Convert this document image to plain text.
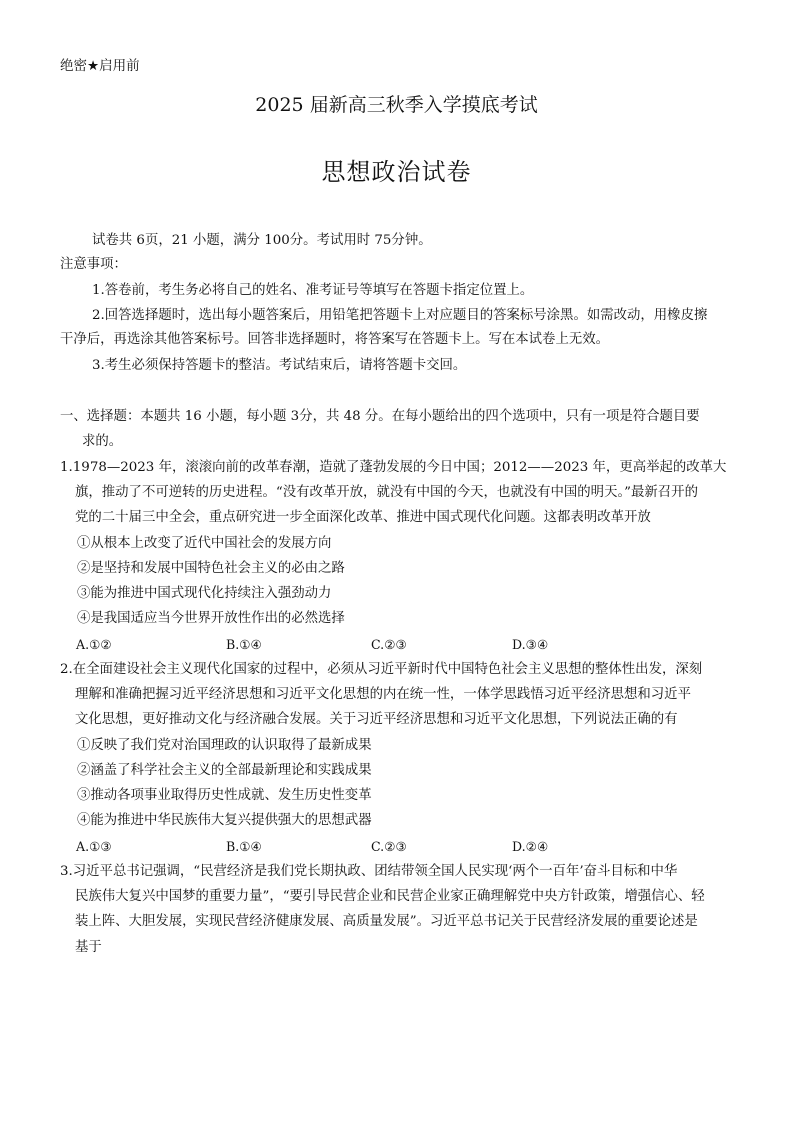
绝密★启用前
2025 届新高三秋季入学摸底考试
思想政治试卷
试卷共 6页，21 小题，满分 100分。考试用时 75分钟。
注意事项：
1.答卷前，考生务必将自己的姓名、准考证号等填写在答题卡指定位置上。
2.回答选择题时，选出每小题答案后，用铅笔把答题卡上对应题目的答案标号涂黑。如需改动，用橡皮擦
干净后，再选涂其他答案标号。回答非选择题时，将答案写在答题卡上。写在本试卷上无效。
3.考生必须保持答题卡的整洁。考试结束后，请将答题卡交回。
一、选择题：本题共 16 小题，每小题 3分，共 48 分。在每小题给出的四个选项中，只有一项是符合题目要
求的。
1.1978—2023 年，滚滚向前的改革春潮，造就了蓬勃发展的今日中国；2012——2023 年，更高举起的改革大
旗，推动了不可逆转的历史进程。“没有改革开放，就没有中国的今天，也就没有中国的明天。”最新召开的
党的二十届三中全会，重点研究进一步全面深化改革、推进中国式现代化问题。这都表明改革开放
①从根本上改变了近代中国社会的发展方向
②是坚持和发展中国特色社会主义的必由之路
③能为推进中国式现代化持续注入强劲动力
④是我国适应当今世界开放性作出的必然选择
A.①②	B.①④	C.②③	D.③④
2.在全面建设社会主义现代化国家的过程中，必须从习近平新时代中国特色社会主义思想的整体性出发，深刻
理解和准确把握习近平经济思想和习近平文化思想的内在统一性，一体学思践悟习近平经济思想和习近平
文化思想，更好推动文化与经济融合发展。关于习近平经济思想和习近平文化思想，下列说法正确的有
①反映了我们党对治国理政的认识取得了最新成果
②涵盖了科学社会主义的全部最新理论和实践成果
③推动各项事业取得历史性成就、发生历史性变革
④能为推进中华民族伟大复兴提供强大的思想武器
A.①③	B.①④	C.②③	D.②④
3.习近平总书记强调，“民营经济是我们党长期执政、团结带领全国人民实现‘两个一百年’奋斗目标和中华
民族伟大复兴中国梦的重要力量”，“要引导民营企业和民营企业家正确理解党中央方针政策，增强信心、轻
装上阵、大胆发展，实现民营经济健康发展、高质量发展”。习近平总书记关于民营经济发展的重要论述是
基于
